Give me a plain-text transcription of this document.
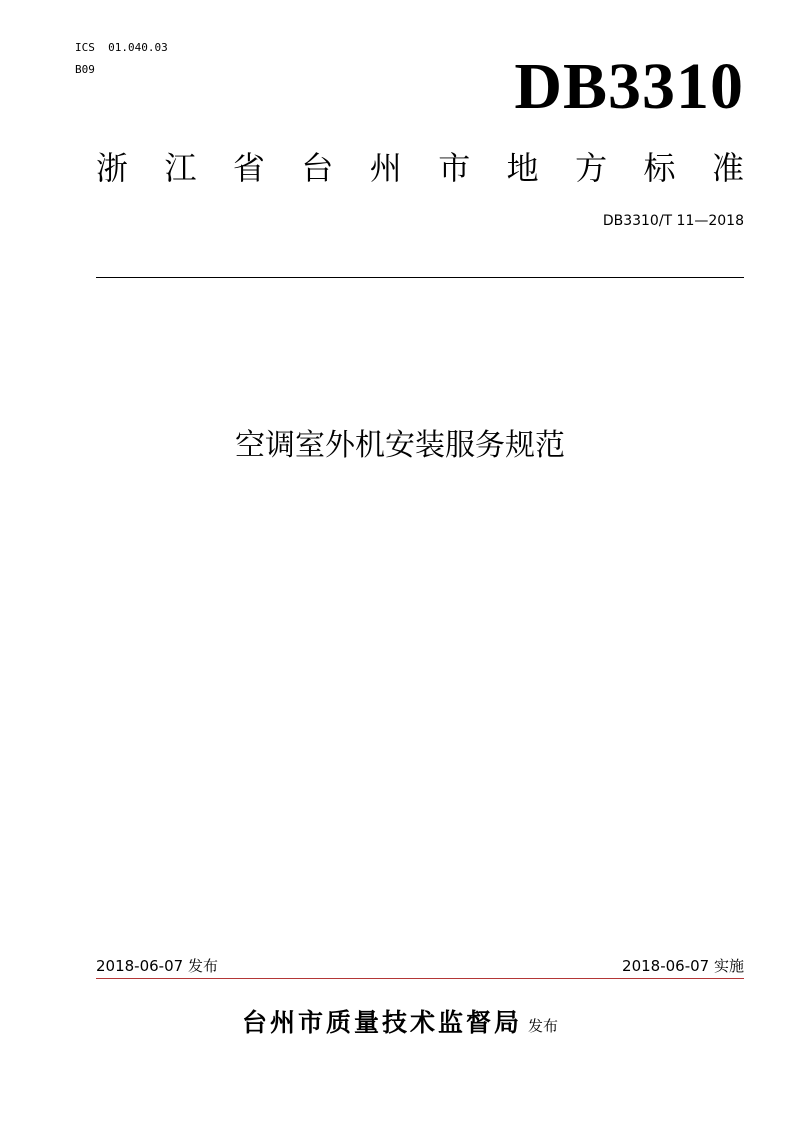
ICS  01.040.03
B09	DB3310
浙 江 省 台 州 市 地 方 标 准
DB3310/T 11—2018
空调室外机安装服务规范
2018-06-07 发布	2018-06-07 实施
台州市质量技术监督局 发布
